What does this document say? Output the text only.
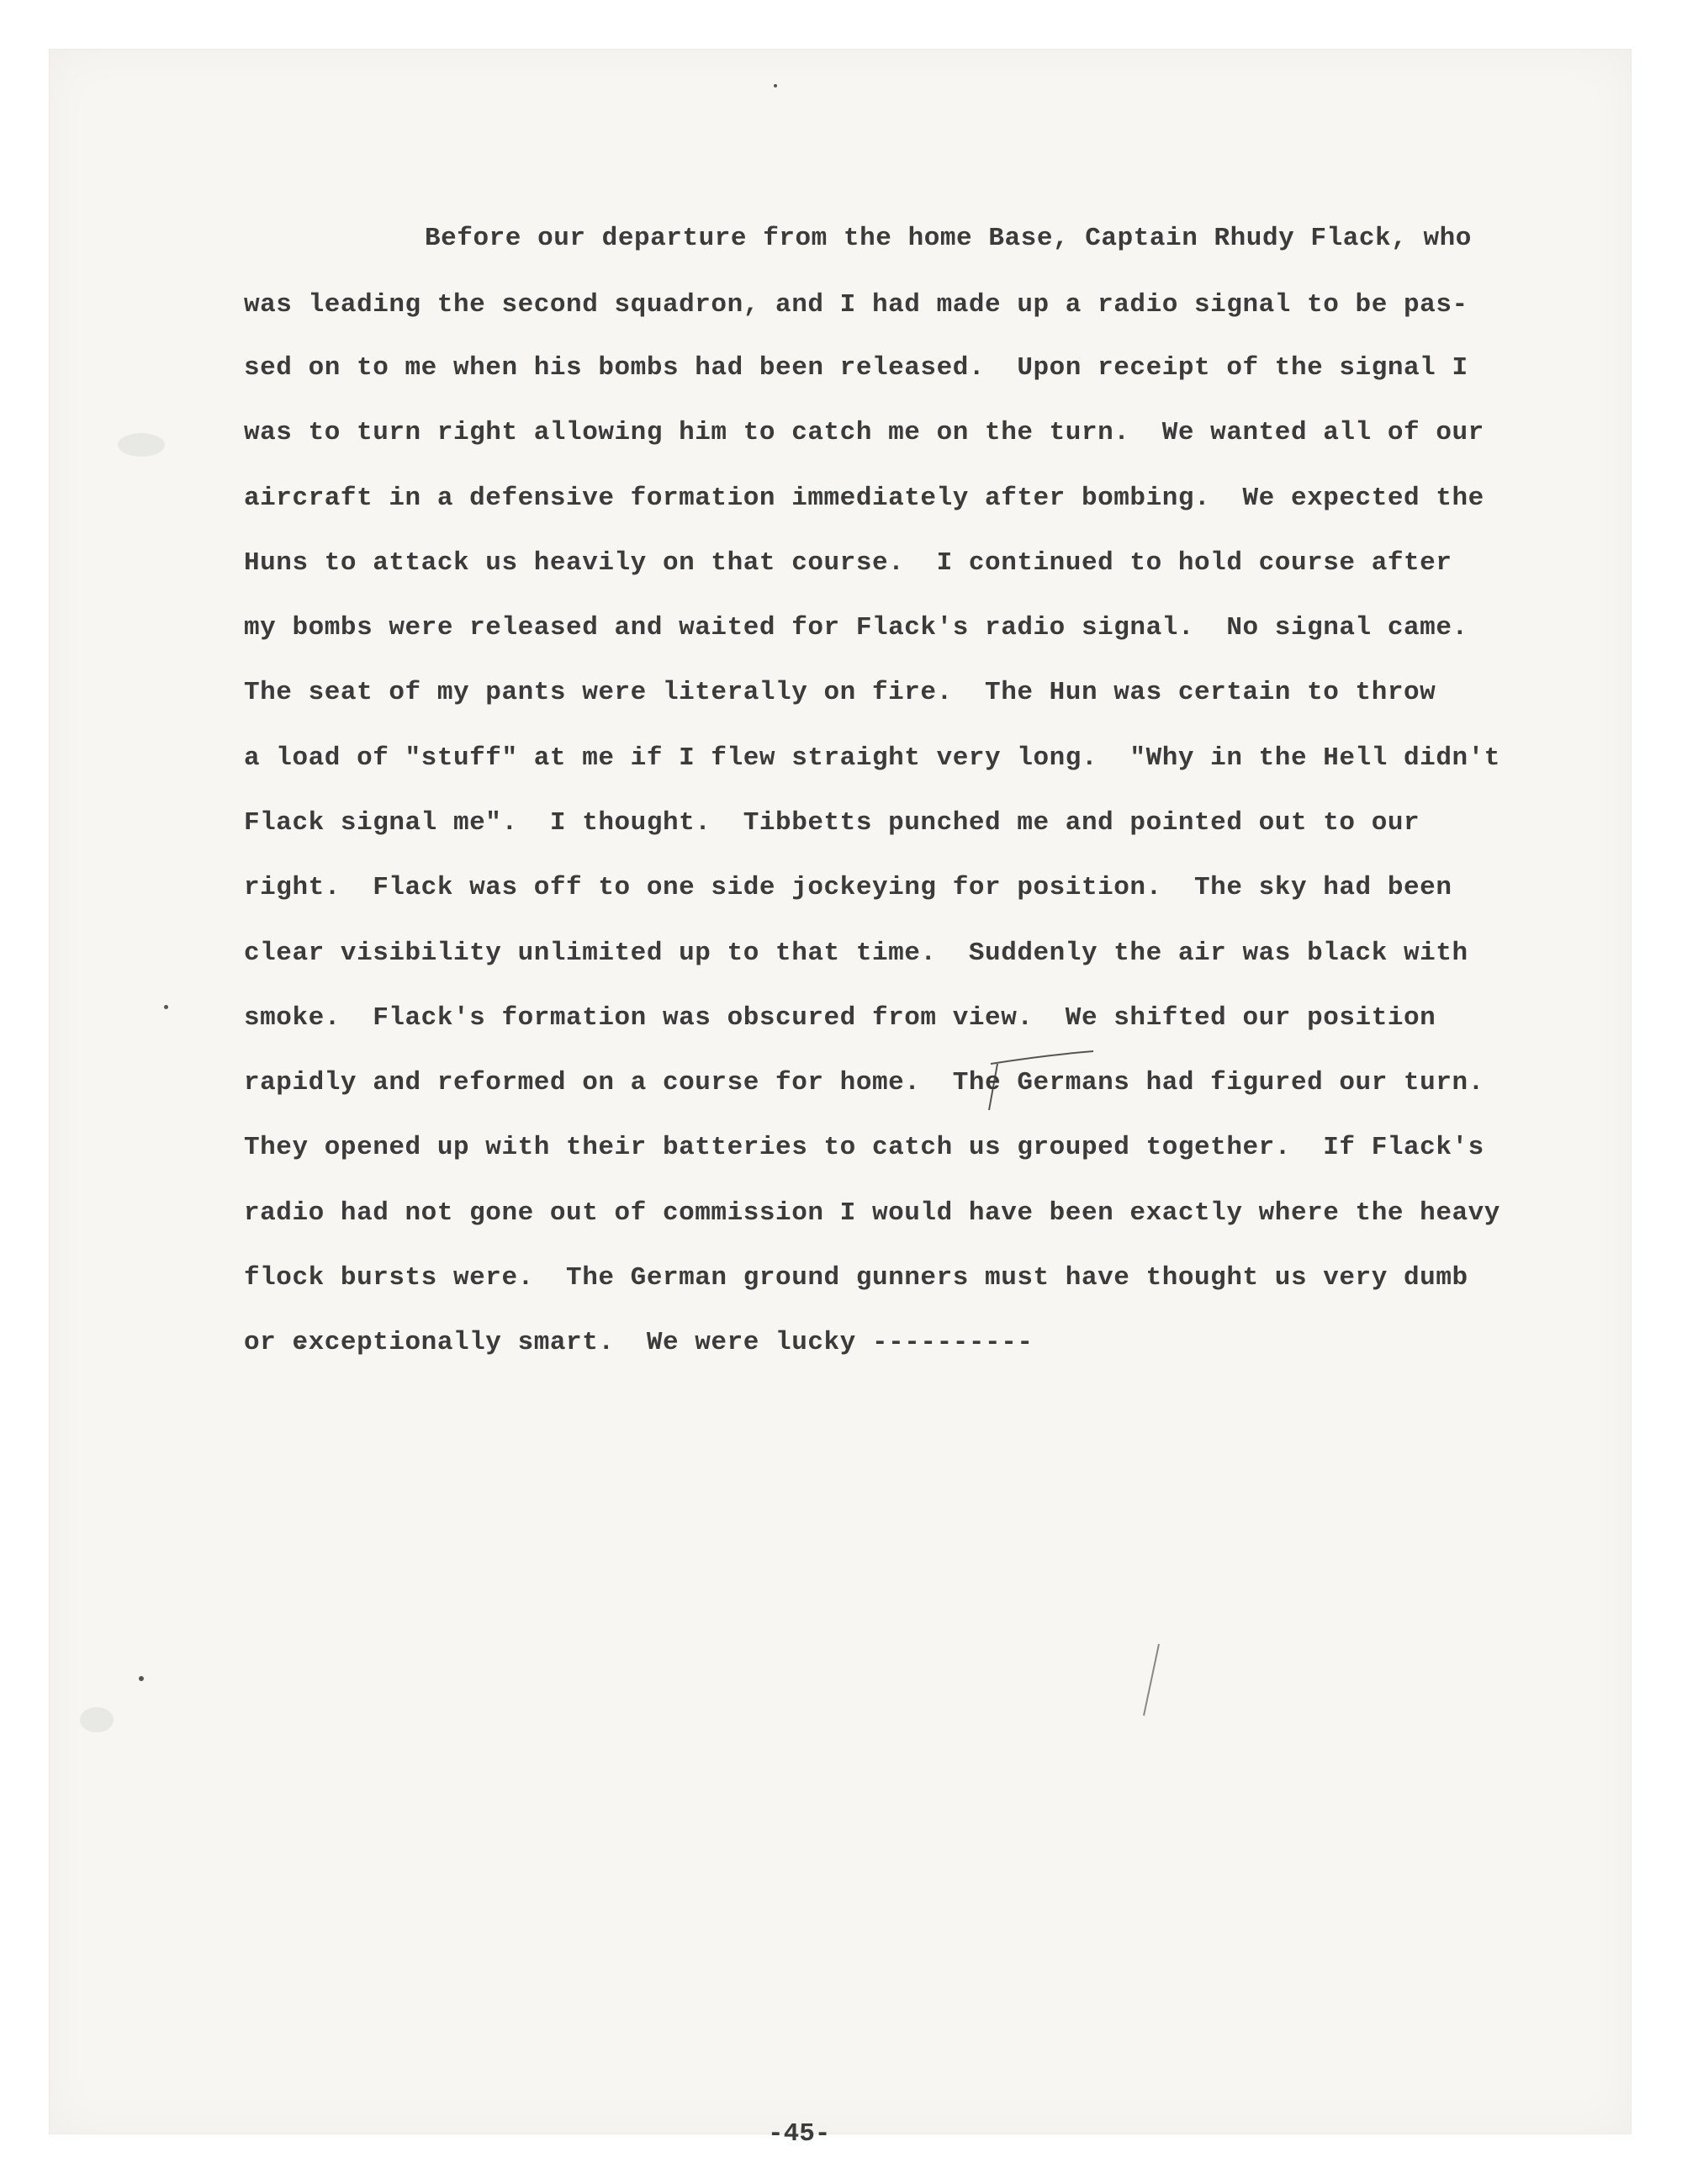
Before our departure from the home Base, Captain Rhudy Flack, who
was leading the second squadron, and I had made up a radio signal to be pas-
sed on to me when his bombs had been released.  Upon receipt of the signal I
was to turn right allowing him to catch me on the turn.  We wanted all of our
aircraft in a defensive formation immediately after bombing.  We expected the
Huns to attack us heavily on that course.  I continued to hold course after
my bombs were released and waited for Flack's radio signal.  No signal came.
The seat of my pants were literally on fire.  The Hun was certain to throw
a load of "stuff" at me if I flew straight very long.  "Why in the Hell didn't
Flack signal me".  I thought.  Tibbetts punched me and pointed out to our
right.  Flack was off to one side jockeying for position.  The sky had been
clear visibility unlimited up to that time.  Suddenly the air was black with
smoke.  Flack's formation was obscured from view.  We shifted our position
rapidly and reformed on a course for home.  The Germans had figured our turn.
They opened up with their batteries to catch us grouped together.  If Flack's
radio had not gone out of commission I would have been exactly where the heavy
flock bursts were.  The German ground gunners must have thought us very dumb
or exceptionally smart.  We were lucky ----------
-45-
